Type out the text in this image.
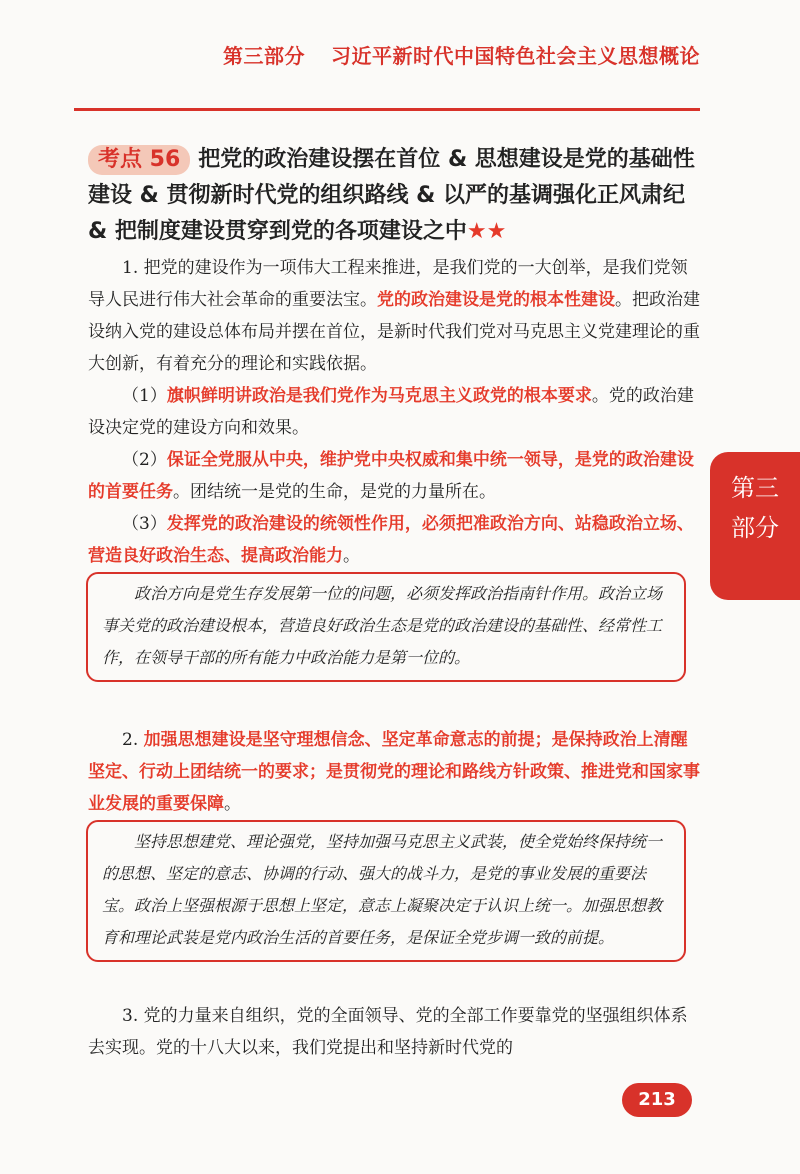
第三部分 习近平新时代中国特色社会主义思想概论
考点 56 把党的政治建设摆在首位 & 思想建设是党的基础性建设 & 贯彻新时代党的组织路线 & 以严的基调强化正风肃纪 & 把制度建设贯穿到党的各项建设之中★★
1. 把党的建设作为一项伟大工程来推进，是我们党的一大创举，是我们党领导人民进行伟大社会革命的重要法宝。党的政治建设是党的根本性建设。把政治建设纳入党的建设总体布局并摆在首位，是新时代我们党对马克思主义党建理论的重大创新，有着充分的理论和实践依据。
（1）旗帜鲜明讲政治是我们党作为马克思主义政党的根本要求。党的政治建设决定党的建设方向和效果。
（2）保证全党服从中央，维护党中央权威和集中统一领导，是党的政治建设的首要任务。团结统一是党的生命，是党的力量所在。
（3）发挥党的政治建设的统领性作用，必须把准政治方向、站稳政治立场、营造良好政治生态、提高政治能力。
政治方向是党生存发展第一位的问题，必须发挥政治指南针作用。政治立场事关党的政治建设根本，营造良好政治生态是党的政治建设的基础性、经常性工作，在领导干部的所有能力中政治能力是第一位的。
2. 加强思想建设是坚守理想信念、坚定革命意志的前提；是保持政治上清醒坚定、行动上团结统一的要求；是贯彻党的理论和路线方针政策、推进党和国家事业发展的重要保障。
坚持思想建党、理论强党，坚持加强马克思主义武装，使全党始终保持统一的思想、坚定的意志、协调的行动、强大的战斗力，是党的事业发展的重要法宝。政治上坚强根源于思想上坚定，意志上凝聚决定于认识上统一。加强思想教育和理论武装是党内政治生活的首要任务，是保证全党步调一致的前提。
3. 党的力量来自组织，党的全面领导、党的全部工作要靠党的坚强组织体系去实现。党的十八大以来，我们党提出和坚持新时代党的
第三
部分
213
